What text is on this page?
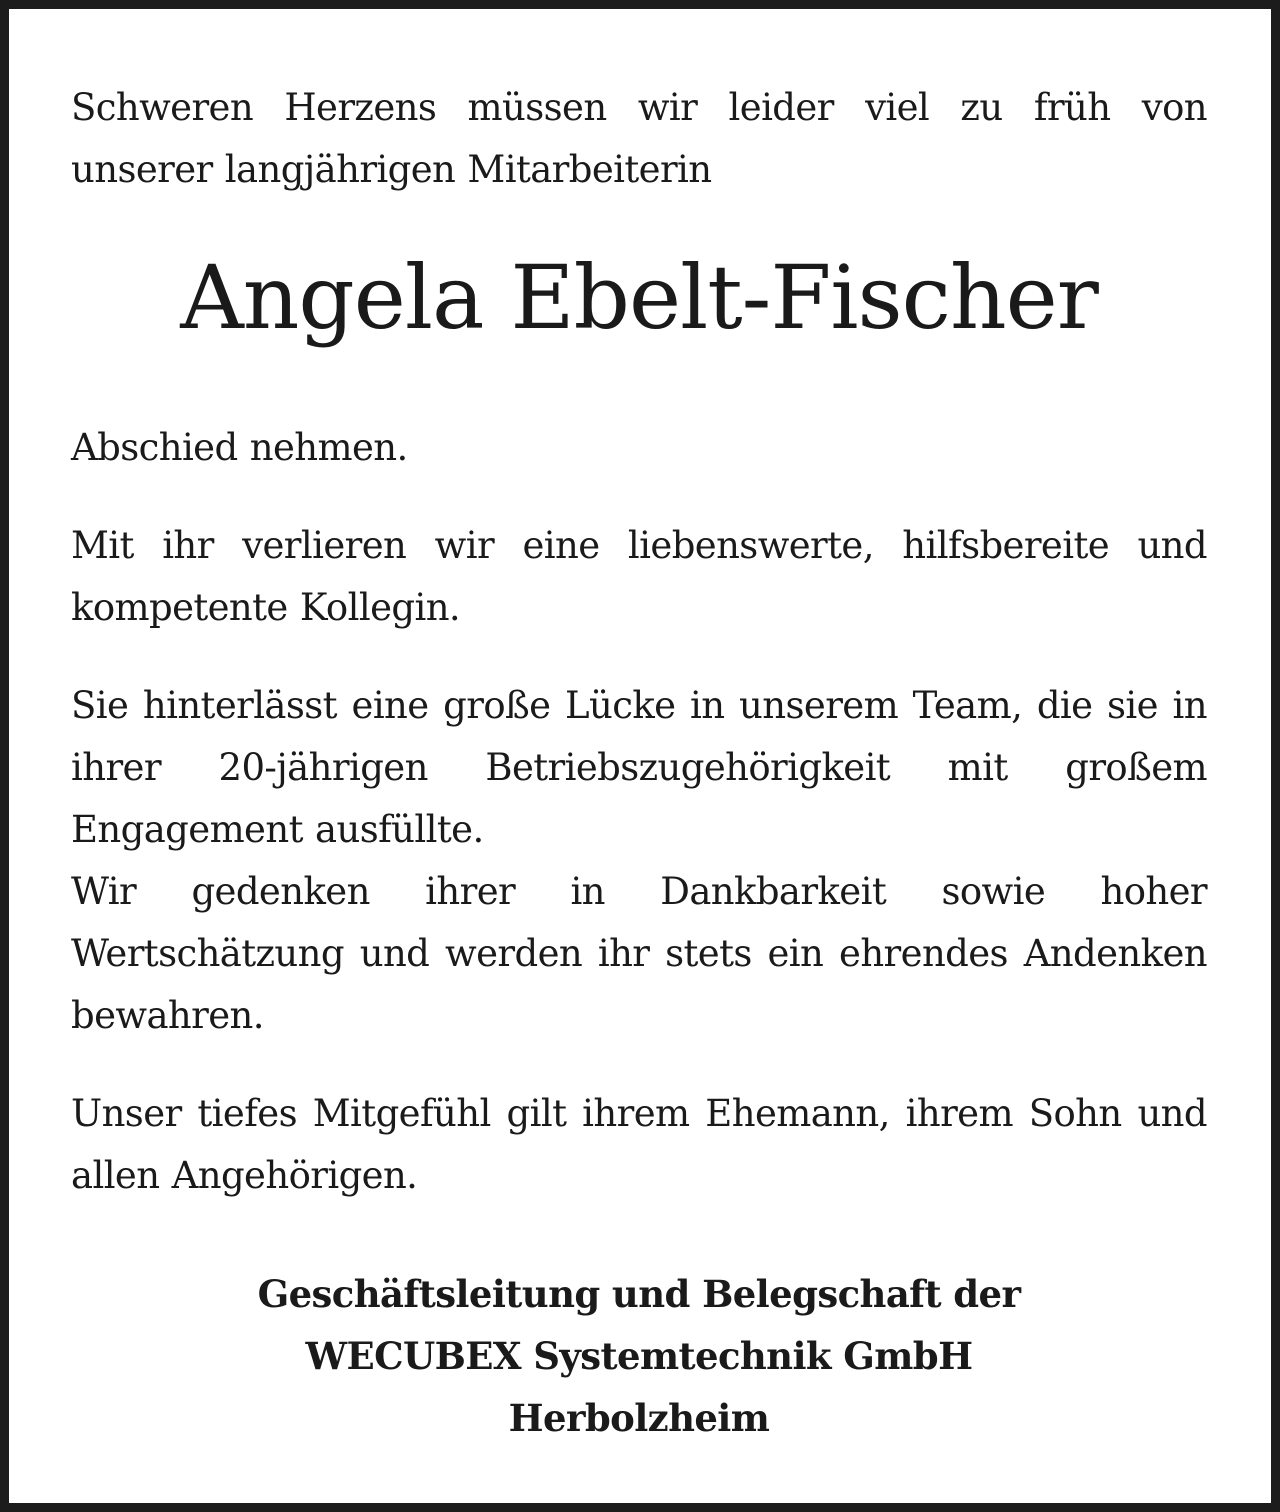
Schweren Herzens müssen wir leider viel zu früh von unserer langjährigen Mitarbeiterin

Angela Ebelt-Fischer

Abschied nehmen.

Mit ihr verlieren wir eine liebenswerte, hilfsbereite und kompetente Kollegin.

Sie hinterlässt eine große Lücke in unserem Team, die sie in ihrer 20-jährigen Betriebszugehörigkeit mit großem Engagement ausfüllte.

Wir gedenken ihrer in Dankbarkeit sowie hoher Wertschätzung und werden ihr stets ein ehrendes Andenken bewahren.

Unser tiefes Mitgefühl gilt ihrem Ehemann, ihrem Sohn und allen Angehörigen.

Geschäftsleitung und Belegschaft der
WECUBEX Systemtechnik GmbH
Herbolzheim
